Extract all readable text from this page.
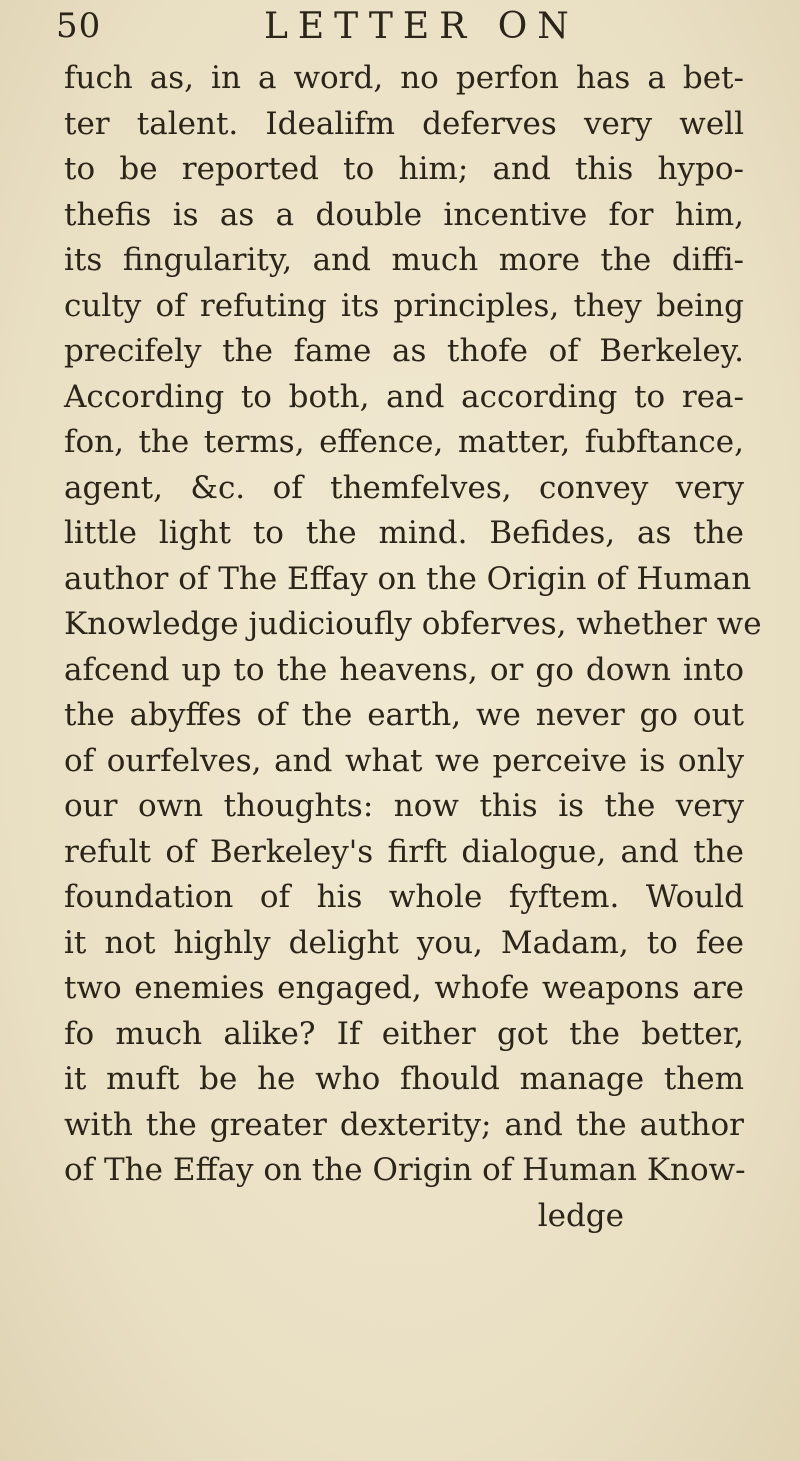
50	LETTER ON
fuch as, in a word, no perfon has a bet-
ter talent. Idealifm deferves very well
to be reported to him; and this hypo-
thefis is as a double incentive for him,
its fingularity, and much more the diffi-
culty of refuting its principles, they being
precifely the fame as thofe of Berkeley.
According to both, and according to rea-
fon, the terms, effence, matter, fubftance,
agent, &c. of themfelves, convey very
little light to the mind. Befides, as the
author of The Effay on the Origin of Human
Knowledge judicioufly obferves, whether we
afcend up to the heavens, or go down into
the abyffes of the earth, we never go out
of ourfelves, and what we perceive is only
our own thoughts: now this is the very
refult of Berkeley's firft dialogue, and the
foundation of his whole fyftem. Would
it not highly delight you, Madam, to fee
two enemies engaged, whofe weapons are
fo much alike? If either got the better,
it muft be he who fhould manage them
with the greater dexterity; and the author
of The Effay on the Origin of Human Know-
ledge
